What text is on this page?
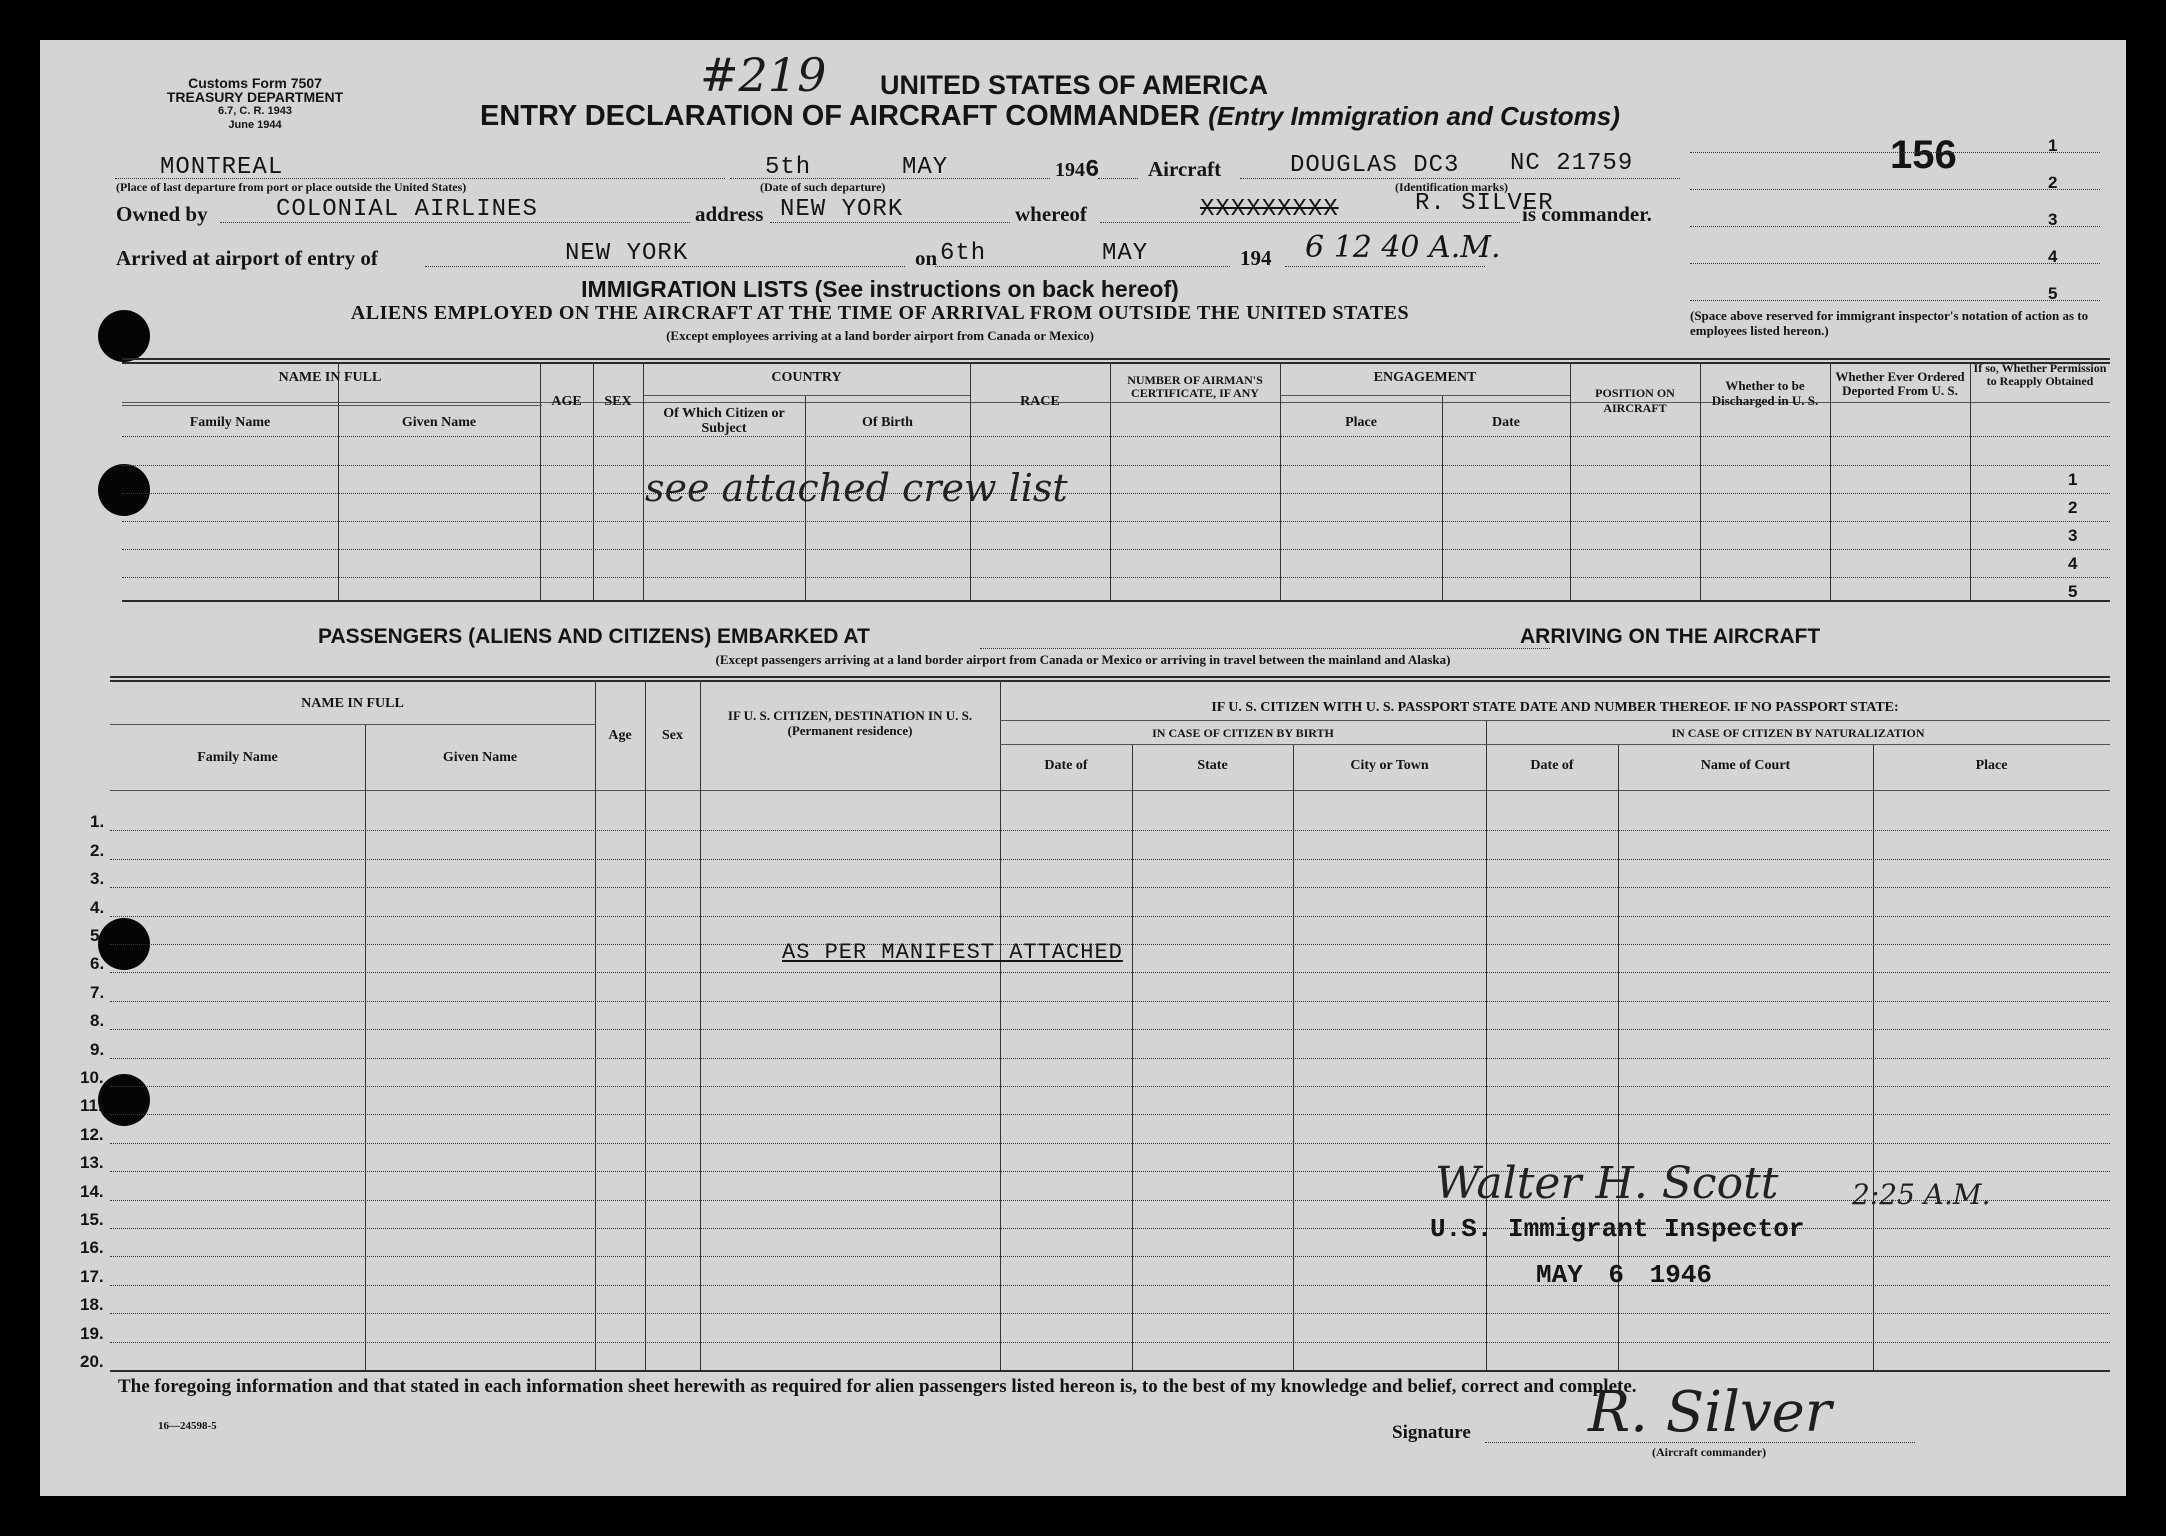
Customs Form 7507
TREASURY DEPARTMENT
6.7, C. R. 1943
June 1944
#219 UNITED STATES OF AMERICA
ENTRY DECLARATION OF AIRCRAFT COMMANDER (Entry Immigration and Customs)
156	1
2
3
4
5
(Space above reserved for immigrant inspector's notation of action as to employees listed hereon.)
MONTREAL
(Place of last departure from port or place outside the United States)
5th	MAY
(Date of such departure)
1946 Aircraft	DOUGLAS DC3 NC 21759
(Identification marks)
Owned by	COLONIAL AIRLINES	address NEW YORK	whereof	XXXXXXXXX	R. SILVER
is commander.
Arrived at airport of entry of	NEW YORK	on 6th	MAY	194 6 12 40 A.M.
IMMIGRATION LISTS (See instructions on back hereof)
ALIENS EMPLOYED ON THE AIRCRAFT AT THE TIME OF ARRIVAL FROM OUTSIDE THE UNITED STATES
(Except employees arriving at a land border airport from Canada or Mexico)
NAME IN FULL
Family Name	Given Name
AGE	SEX
COUNTRY
Of Which Citizen or Subject	Of Birth
RACE
NUMBER OF AIRMAN'S CERTIFICATE, IF ANY
ENGAGEMENT
Place	Date
POSITION ON AIRCRAFT
Whether to be Discharged in U. S.
Whether Ever Ordered Deported From U. S.
If so, Whether Permission to Reapply Obtained
1
2
3
4
5
see attached crew list
PASSENGERS (ALIENS AND CITIZENS) EMBARKED AT	ARRIVING ON THE AIRCRAFT
(Except passengers arriving at a land border airport from Canada or Mexico or arriving in travel between the mainland and Alaska)
NAME IN FULL
Family Name	Given Name
Age	Sex
IF U. S. CITIZEN, DESTINATION IN U. S. (Permanent residence)
IF U. S. CITIZEN WITH U. S. PASSPORT STATE DATE AND NUMBER THEREOF. IF NO PASSPORT STATE:
IN CASE OF CITIZEN BY BIRTH	IN CASE OF CITIZEN BY NATURALIZATION
Date of	State	City or Town	Date of	Name of Court	Place
1.
2.
3.
4.
5.
6.
7.
8.
9.
10.
11.
12.
13.
14.
15.
16.
17.
18.
19.
20.
AS PER MANIFEST ATTACHED
Walter H. Scott	2:25 A.M.
U.S. Immigrant Inspector
MAY 6 1946
The foregoing information and that stated in each information sheet herewith as required for alien passengers listed hereon is, to the best of my knowledge and belief, correct and complete.
16—24598-5	Signature R. Silver
(Aircraft commander)
